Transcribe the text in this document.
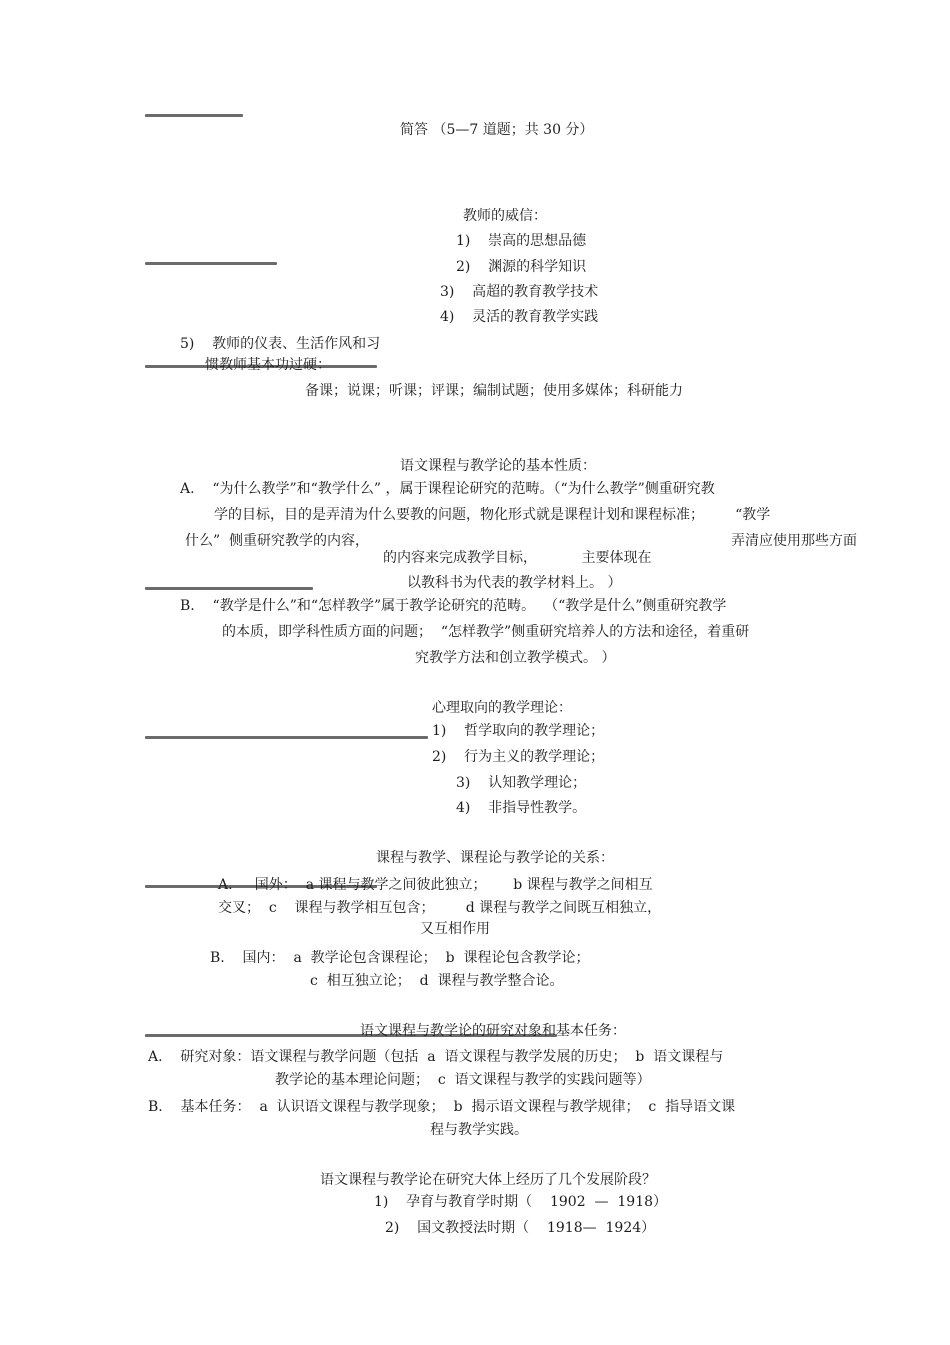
简答 （5—7 道题；共 30 分）
教师的威信：
1)    崇高的思想品德
2)    渊源的科学知识
3)    高超的教育教学技术
4)    灵活的教育教学实践
5)    教师的仪表、生活作风和习
惯教师基本功过硬：
备课；说课；听课；评课；编制试题；使用多媒体；科研能力
语文课程与教学论的基本性质：
A.    “为什么教学”和“教学什么” ，属于课程论研究的范畴。（“为什么教学”侧重研究教
学的目标，目的是弄清为什么要教的问题，物化形式就是课程计划和课程标准；       “教学
什么”  侧重研究教学的内容，	弄清应使用那些方面
的内容来完成教学目标，          主要体现在
以教科书为代表的教学材料上。 ）
B.    “教学是什么”和“怎样教学”属于教学论研究的范畴。  （“教学是什么”侧重研究教学
的本质，即学科性质方面的问题；  “怎样教学”侧重研究培养人的方法和途径，着重研
究教学方法和创立教学模式。 ）
心理取向的教学理论：
1)    哲学取向的教学理论；
2)    行为主义的教学理论；
3)    认知教学理论；
4)    非指导性教学。
课程与教学、课程论与教学论的关系：
A.     国外：  a 课程与教学之间彼此独立；      b 课程与教学之间相互
交叉；  c    课程与教学相互包含；       d 课程与教学之间既互相独立，
又互相作用
B.    国内：  a  教学论包含课程论；  b  课程论包含教学论；
c  相互独立论；  d  课程与教学整合论。
语文课程与教学论的研究对象和基本任务：
A.    研究对象：语文课程与教学问题（包括  a  语文课程与教学发展的历史；  b  语文课程与
教学论的基本理论问题；  c  语文课程与教学的实践问题等）
B.    基本任务：  a  认识语文课程与教学现象；  b  揭示语文课程与教学规律；  c  指导语文课
程与教学实践。
语文课程与教学论在研究大体上经历了几个发展阶段？
1)    孕育与教育学时期（    1902  —  1918）
2)    国文教授法时期（    1918—  1924）
